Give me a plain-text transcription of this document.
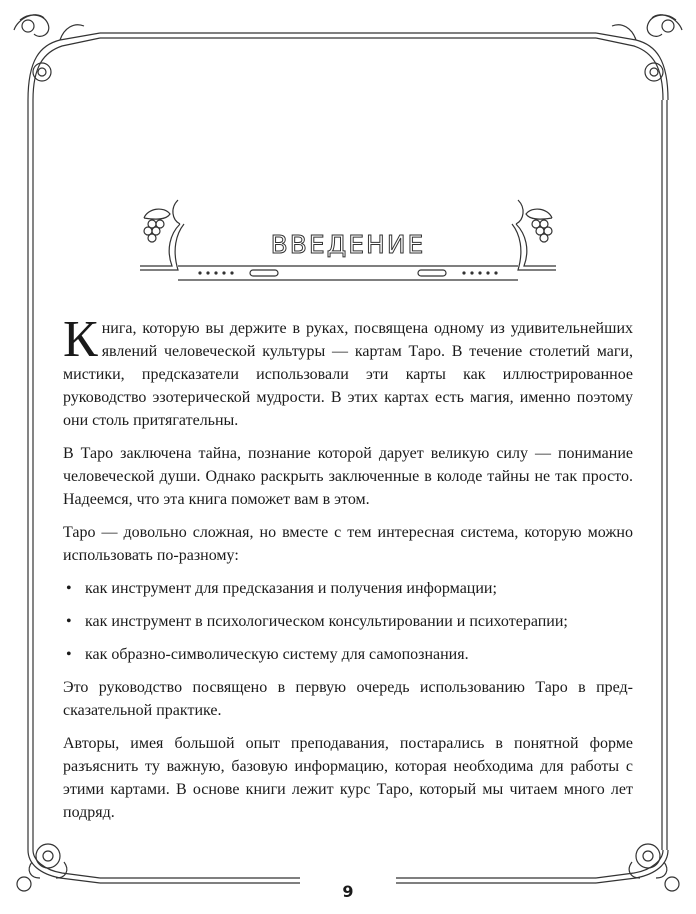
ВВЕДЕНИЕ

Книга, которую вы держите в руках, посвящена одному из удивительнейших явлений человеческой культуры — картам Таро. В течение столетий маги, мистики, предсказатели использовали эти карты как иллюстрированное руководство эзотерической мудрости. В этих картах есть магия, именно поэтому они столь притягательны.

В Таро заключена тайна, познание которой дарует великую силу — понимание человеческой души. Однако раскрыть заключенные в колоде тайны не так просто. Надеемся, что эта книга поможет вам в этом.

Таро — довольно сложная, но вместе с тем интересная система, которую можно использовать по-разному:

• как инструмент для предсказания и получения информации;
• как инструмент в психологическом консультировании и психотерапии;
• как образно-символическую систему для самопознания.

Это руководство посвящено в первую очередь использованию Таро в предсказательной практике.

Авторы, имея большой опыт преподавания, постарались в понятной форме разъяснить ту важную, базовую информацию, которая необходима для работы с этими картами. В основе книги лежит курс Таро, который мы читаем много лет подряд.

9
